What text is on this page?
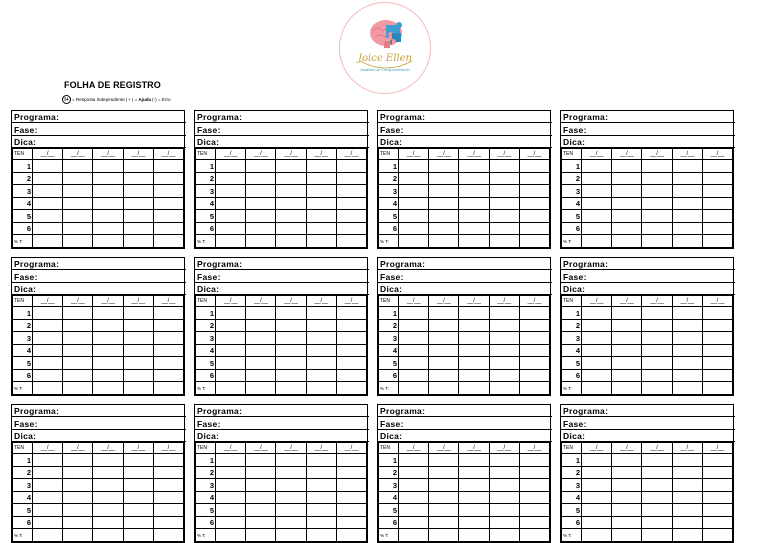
Joice Ellen
Analista do Comportamento
FOLHA DE REGISTRO
I+ = Resposta Independente | + | = Ajuda (-) = Erro
Programa:
Fase:
Dica:
TEN	__/__	__/__	__/__	__/__	__/__
1					
2					
3					
4					
5					
6					
% T:					
Programa:
Fase:
Dica:
TEN	__/__	__/__	__/__	__/__	__/__
1					
2					
3					
4					
5					
6					
% T:					
Programa:
Fase:
Dica:
TEN	__/__	__/__	__/__	__/__	__/__
1					
2					
3					
4					
5					
6					
% T:					
Programa:
Fase:
Dica:
TEN	__/__	__/__	__/__	__/__	__/__
1					
2					
3					
4					
5					
6					
% T:					
Programa:
Fase:
Dica:
TEN	__/__	__/__	__/__	__/__	__/__
1					
2					
3					
4					
5					
6					
% T:					
Programa:
Fase:
Dica:
TEN	__/__	__/__	__/__	__/__	__/__
1					
2					
3					
4					
5					
6					
% T:					
Programa:
Fase:
Dica:
TEN	__/__	__/__	__/__	__/__	__/__
1					
2					
3					
4					
5					
6					
% T:					
Programa:
Fase:
Dica:
TEN	__/__	__/__	__/__	__/__	__/__
1					
2					
3					
4					
5					
6					
% T:					
Programa:
Fase:
Dica:
TEN	__/__	__/__	__/__	__/__	__/__
1					
2					
3					
4					
5					
6					
% T:					
Programa:
Fase:
Dica:
TEN	__/__	__/__	__/__	__/__	__/__
1					
2					
3					
4					
5					
6					
% T:					
Programa:
Fase:
Dica:
TEN	__/__	__/__	__/__	__/__	__/__
1					
2					
3					
4					
5					
6					
% T:					
Programa:
Fase:
Dica:
TEN	__/__	__/__	__/__	__/__	__/__
1					
2					
3					
4					
5					
6					
% T:					
